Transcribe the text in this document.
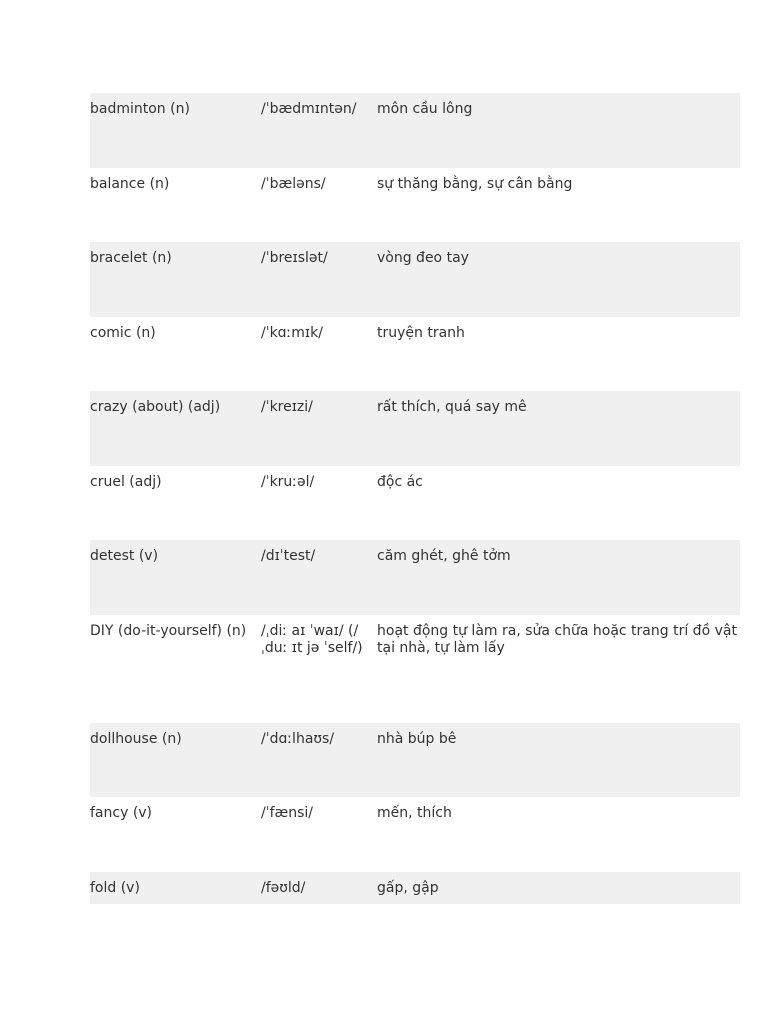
badminton (n)	/ˈbædmɪntən/	môn cầu lông
balance (n)	/ˈbæləns/	sự thăng bằng, sự cân bằng
bracelet (n)	/ˈbreɪslət/	vòng đeo tay
comic (n)	/ˈkɑːmɪk/	truyện tranh
crazy (about) (adj)	/ˈkreɪzi/	rất thích, quá say mê
cruel (adj)	/ˈkruːəl/	độc ác
detest (v)	/dɪˈtest/	căm ghét, ghê tởm
DIY (do-it-yourself) (n)	/ˌdiː aɪ ˈwaɪ/ (/ˌduː ɪt jə ˈself/)	hoạt động tự làm ra, sửa chữa hoặc trang trí đồ vật tại nhà, tự làm lấy
dollhouse (n)	/ˈdɑːlhaʊs/	nhà búp bê
fancy (v)	/ˈfænsi/	mến, thích
fold (v)	/fəʊld/	gấp, gập
